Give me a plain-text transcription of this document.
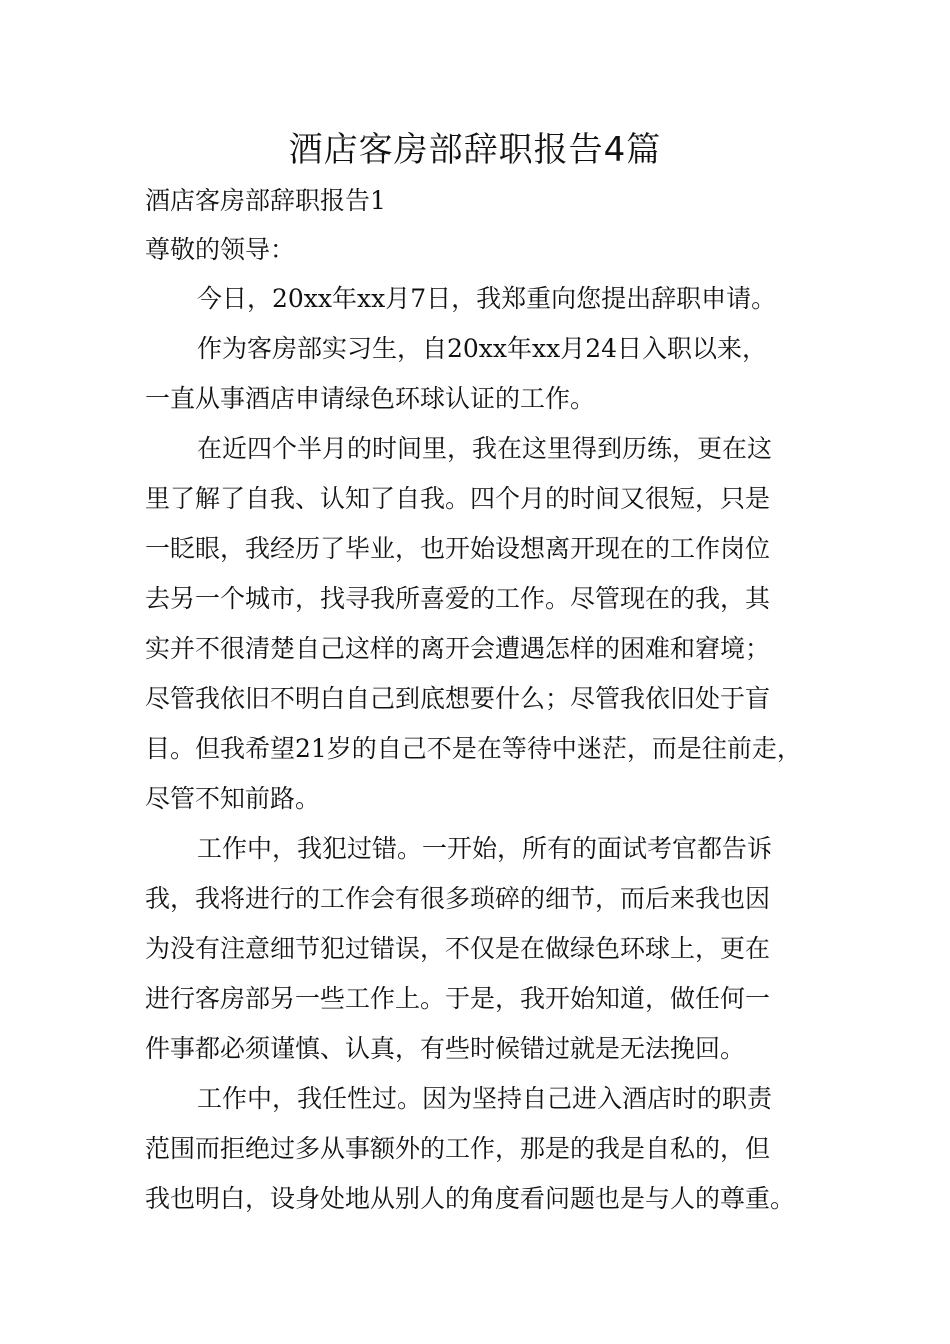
酒店客房部辞职报告4篇
酒店客房部辞职报告1
尊敬的领导：
今日，20xx年xx月7日，我郑重向您提出辞职申请。
作为客房部实习生，自20xx年xx月24日入职以来，
一直从事酒店申请绿色环球认证的工作。
在近四个半月的时间里，我在这里得到历练，更在这
里了解了自我、认知了自我。四个月的时间又很短，只是
一眨眼，我经历了毕业，也开始设想离开现在的工作岗位
去另一个城市，找寻我所喜爱的工作。尽管现在的我，其
实并不很清楚自己这样的离开会遭遇怎样的困难和窘境；
尽管我依旧不明白自己到底想要什么；尽管我依旧处于盲
目。但我希望21岁的自己不是在等待中迷茫，而是往前走，
尽管不知前路。
工作中，我犯过错。一开始，所有的面试考官都告诉
我，我将进行的工作会有很多琐碎的细节，而后来我也因
为没有注意细节犯过错误，不仅是在做绿色环球上，更在
进行客房部另一些工作上。于是，我开始知道，做任何一
件事都必须谨慎、认真，有些时候错过就是无法挽回。
工作中，我任性过。因为坚持自己进入酒店时的职责
范围而拒绝过多从事额外的工作，那是的我是自私的，但
我也明白，设身处地从别人的角度看问题也是与人的尊重。
